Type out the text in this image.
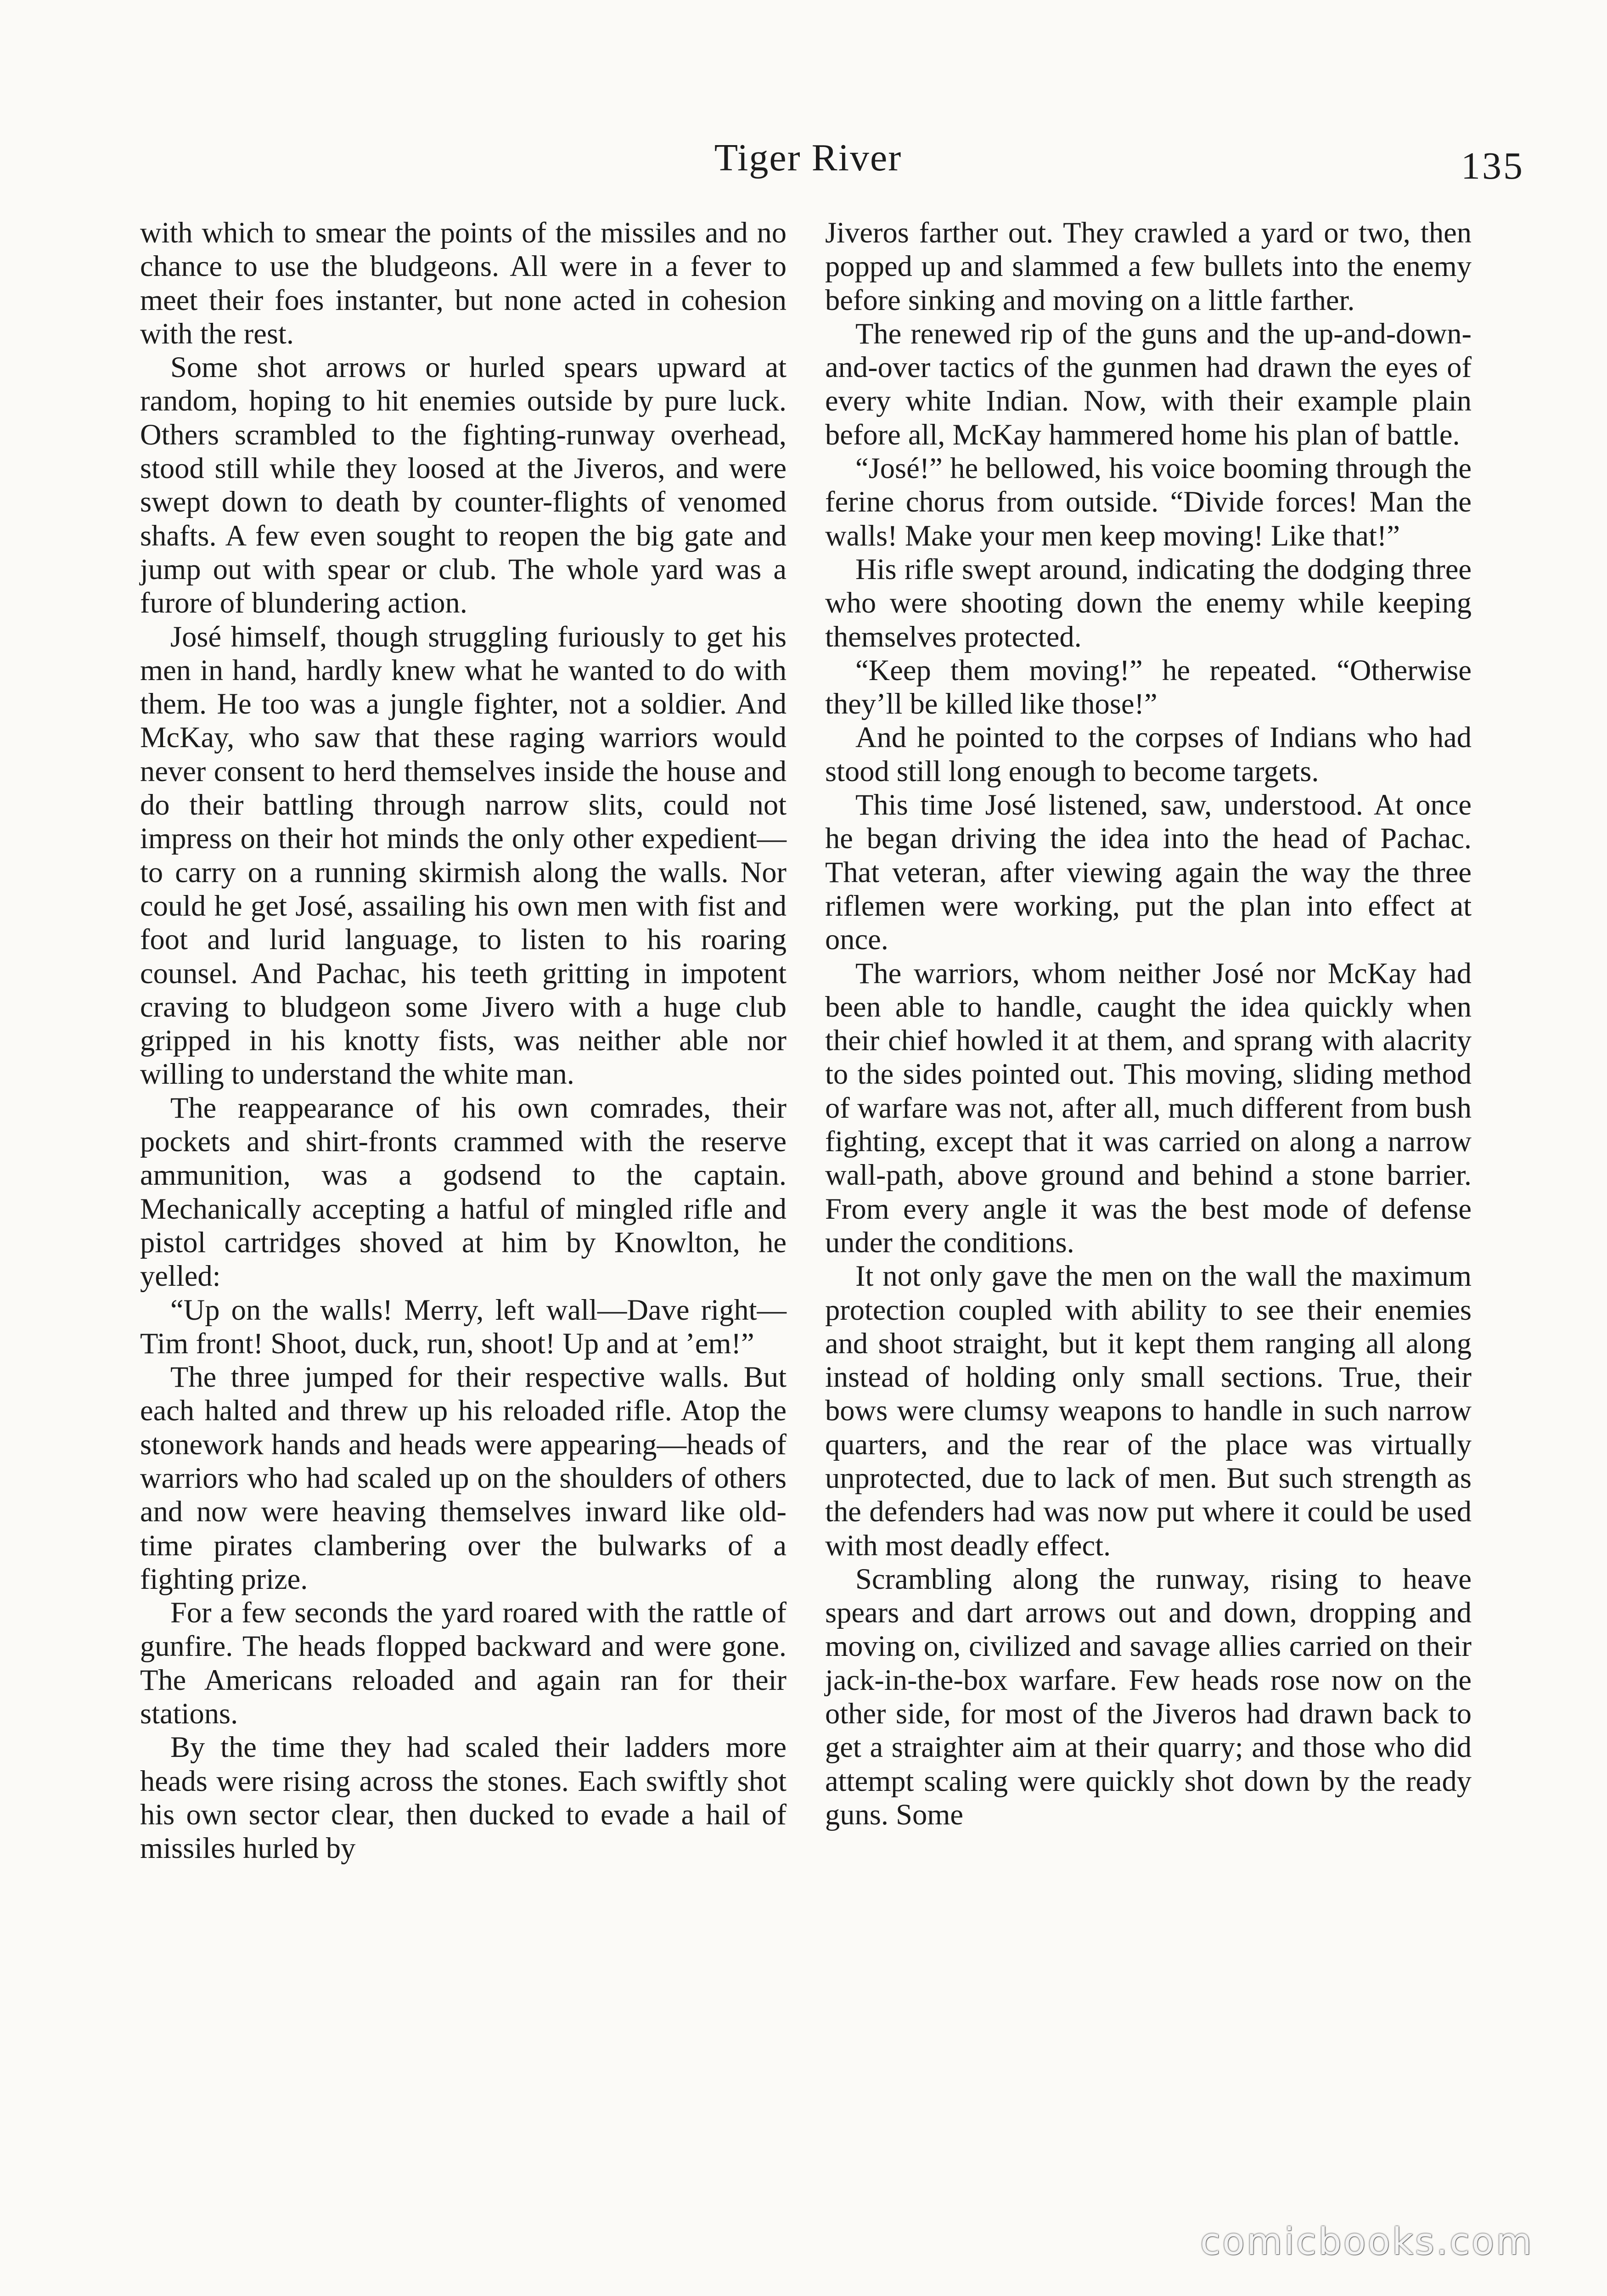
Tiger River	135

with which to smear the points of the missiles and no chance to use the bludgeons. All were in a fever to meet their foes instanter, but none acted in cohesion with the rest.

Some shot arrows or hurled spears upward at random, hoping to hit enemies outside by pure luck. Others scrambled to the fighting-runway overhead, stood still while they loosed at the Jiveros, and were swept down to death by counter-flights of venomed shafts. A few even sought to reopen the big gate and jump out with spear or club. The whole yard was a furore of blundering action.

José himself, though struggling furiously to get his men in hand, hardly knew what he wanted to do with them. He too was a jungle fighter, not a soldier. And McKay, who saw that these raging warriors would never consent to herd themselves inside the house and do their battling through narrow slits, could not impress on their hot minds the only other expedient—to carry on a running skirmish along the walls. Nor could he get José, assailing his own men with fist and foot and lurid language, to listen to his roaring counsel. And Pachac, his teeth gritting in impotent craving to bludgeon some Jivero with a huge club gripped in his knotty fists, was neither able nor willing to understand the white man.

The reappearance of his own comrades, their pockets and shirt-fronts crammed with the reserve ammunition, was a godsend to the captain. Mechanically accepting a hatful of mingled rifle and pistol cartridges shoved at him by Knowlton, he yelled:

“Up on the walls! Merry, left wall—Dave right—Tim front! Shoot, duck, run, shoot! Up and at ’em!”

The three jumped for their respective walls. But each halted and threw up his reloaded rifle. Atop the stonework hands and heads were appearing—heads of warriors who had scaled up on the shoulders of others and now were heaving themselves inward like old-time pirates clambering over the bulwarks of a fighting prize.

For a few seconds the yard roared with the rattle of gunfire. The heads flopped backward and were gone. The Americans reloaded and again ran for their stations.

By the time they had scaled their ladders more heads were rising across the stones. Each swiftly shot his own sector clear, then ducked to evade a hail of missiles hurled by

Jiveros farther out. They crawled a yard or two, then popped up and slammed a few bullets into the enemy before sinking and moving on a little farther.

The renewed rip of the guns and the up-and-down-and-over tactics of the gunmen had drawn the eyes of every white Indian. Now, with their example plain before all, McKay hammered home his plan of battle.

“José!” he bellowed, his voice booming through the ferine chorus from outside. “Divide forces! Man the walls! Make your men keep moving! Like that!”

His rifle swept around, indicating the dodging three who were shooting down the enemy while keeping themselves protected.

“Keep them moving!” he repeated. “Otherwise they’ll be killed like those!”

And he pointed to the corpses of Indians who had stood still long enough to become targets.

This time José listened, saw, understood. At once he began driving the idea into the head of Pachac. That veteran, after viewing again the way the three riflemen were working, put the plan into effect at once.

The warriors, whom neither José nor McKay had been able to handle, caught the idea quickly when their chief howled it at them, and sprang with alacrity to the sides pointed out. This moving, sliding method of warfare was not, after all, much different from bush fighting, except that it was carried on along a narrow wall-path, above ground and behind a stone barrier. From every angle it was the best mode of defense under the conditions.

It not only gave the men on the wall the maximum protection coupled with ability to see their enemies and shoot straight, but it kept them ranging all along instead of holding only small sections. True, their bows were clumsy weapons to handle in such narrow quarters, and the rear of the place was virtually unprotected, due to lack of men. But such strength as the defenders had was now put where it could be used with most deadly effect.

Scrambling along the runway, rising to heave spears and dart arrows out and down, dropping and moving on, civilized and savage allies carried on their jack-in-the-box warfare. Few heads rose now on the other side, for most of the Jiveros had drawn back to get a straighter aim at their quarry; and those who did attempt scaling were quickly shot down by the ready guns. Some

comicbooks.com
